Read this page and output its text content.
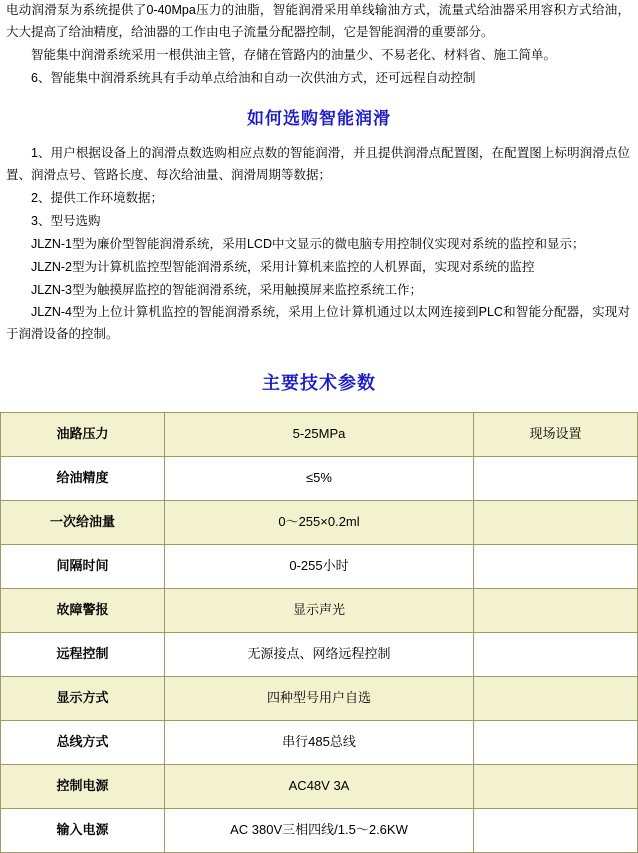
电动润滑泵为系统提供了0-40Mpa压力的油脂，智能润滑采用单线输油方式，流量式给油器采用容积方式给油，大大提高了给油精度，给油器的工作由电子流量分配器控制，它是智能润滑的重要部分。

智能集中润滑系统采用一根供油主管，存储在管路内的油量少、不易老化、材料省、施工简单。

6、智能集中润滑系统具有手动单点给油和自动一次供油方式，还可远程自动控制

如何选购智能润滑

1、用户根据设备上的润滑点数选购相应点数的智能润滑，并且提供润滑点配置图，在配置图上标明润滑点位置、润滑点号、管路长度、每次给油量、润滑周期等数据；

2、提供工作环境数据；

3、型号选购

JLZN-1型为廉价型智能润滑系统，采用LCD中文显示的微电脑专用控制仪实现对系统的监控和显示；

JLZN-2型为计算机监控型智能润滑系统，采用计算机来监控的人机界面，实现对系统的监控

JLZN-3型为触摸屏监控的智能润滑系统，采用触摸屏来监控系统工作；

JLZN-4型为上位计算机监控的智能润滑系统，采用上位计算机通过以太网连接到PLC和智能分配器，实现对于润滑设备的控制。

主要技术参数
油路压力	5-25MPa	现场设置
给油精度	≤5%	
一次给油量	0～255×0.2ml	
间隔时间	0-255小时	
故障警报	显示声光	
远程控制	无源接点、网络远程控制	
显示方式	四种型号用户自选	
总线方式	串行485总线	
控制电源	AC48V 3A	
输入电源	AC 380V三相四线/1.5～2.6KW	
